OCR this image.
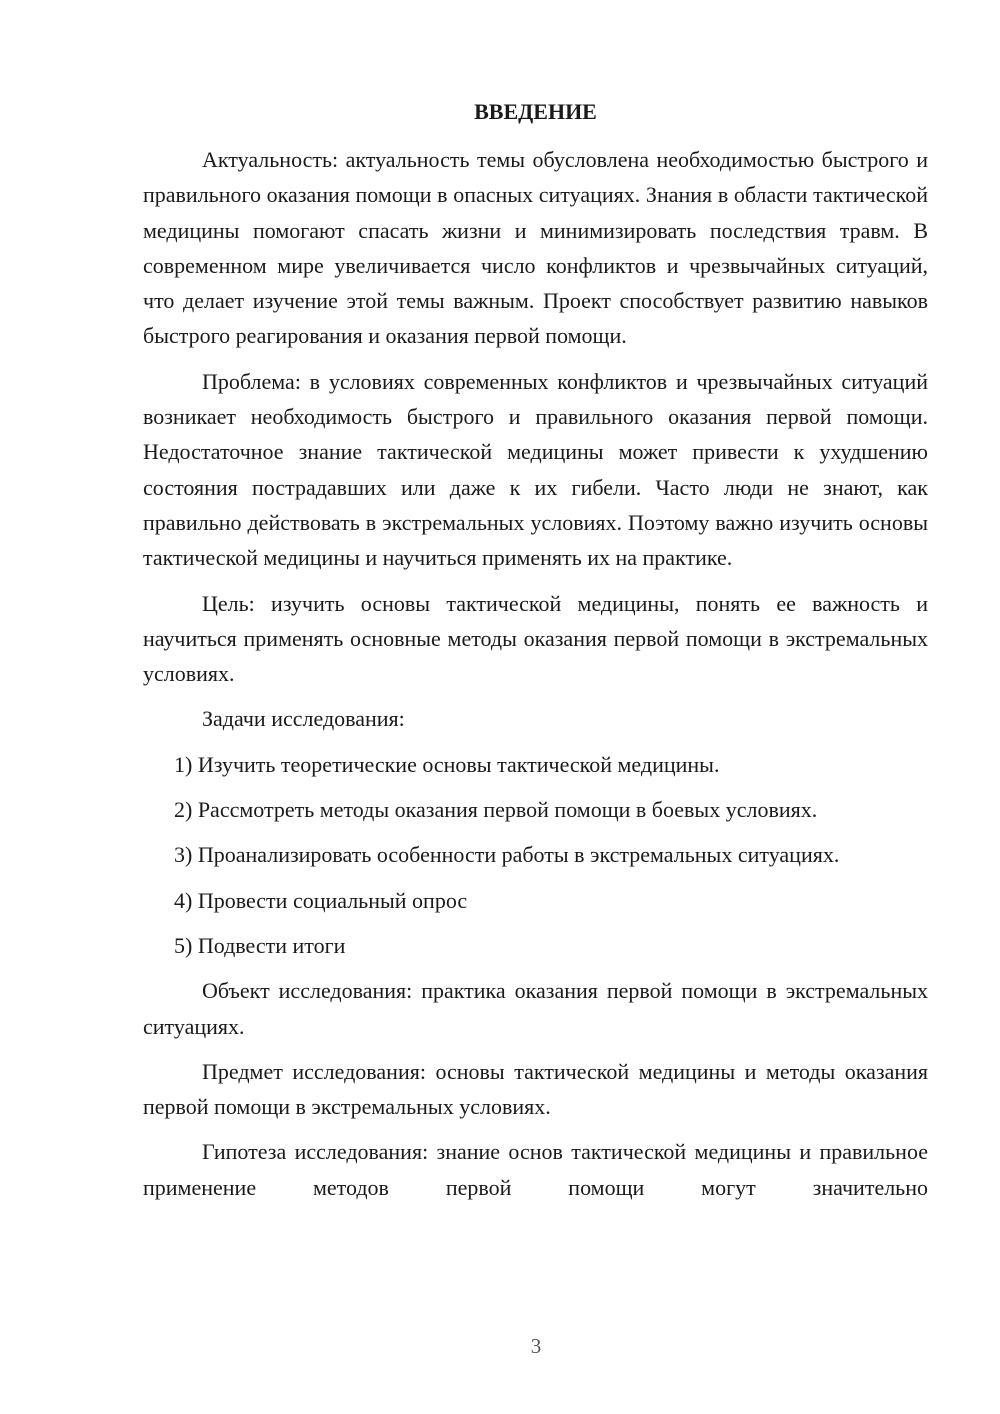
ВВЕДЕНИЕ

Актуальность: актуальность темы обусловлена необходимостью быстрого и правильного оказания помощи в опасных ситуациях. Знания в области тактической медицины помогают спасать жизни и минимизировать последствия травм. В современном мире увеличивается число конфликтов и чрезвычайных ситуаций, что делает изучение этой темы важным. Проект способствует развитию навыков быстрого реагирования и оказания первой помощи.

Проблема: в условиях современных конфликтов и чрезвычайных ситуаций возникает необходимость быстрого и правильного оказания первой помощи. Недостаточное знание тактической медицины может привести к ухудшению состояния пострадавших или даже к их гибели. Часто люди не знают, как правильно действовать в экстремальных условиях. Поэтому важно изучить основы тактической медицины и научиться применять их на практике.

Цель: изучить основы тактической медицины, понять ее важность и научиться применять основные методы оказания первой помощи в экстремальных условиях.

Задачи исследования:

1) Изучить теоретические основы тактической медицины.

2) Рассмотреть методы оказания первой помощи в боевых условиях.

3) Проанализировать особенности работы в экстремальных ситуациях.

4) Провести социальный опрос

5) Подвести итоги

Объект исследования: практика оказания первой помощи в экстремальных ситуациях.

Предмет исследования: основы тактической медицины и методы оказания первой помощи в экстремальных условиях.

Гипотеза исследования: знание основ тактической медицины и правильное применение методов первой помощи могут значительно

3
